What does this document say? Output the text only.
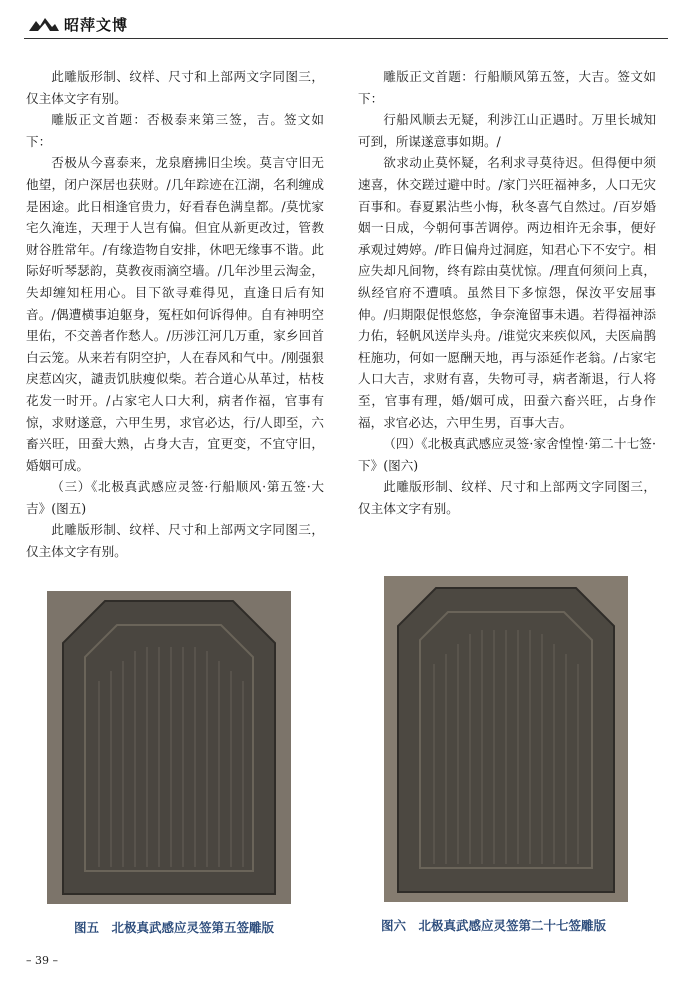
昭萍文博

此雕版形制、纹样、尺寸和上部两文字同图三，仅主体文字有别。

雕版正文首题：否极泰来第三签，吉。签文如下：

否极从今喜泰来，龙泉磨拂旧尘埃。莫言守旧无他望，闭户深居也获财。/几年踪迹在江湖，名利缠成是困途。此日相逢官贵力，好看春色满皇都。/莫忧家宅久淹连，天理于人岂有偏。但宜从新更改过，管教财谷胜常年。/有缘造物自安排，休吧无缘事不谐。此际好听琴瑟韵，莫教夜雨滴空墙。/几年沙里云淘金，失却缠知枉用心。目下欲寻难得见，直逢日后有知音。/偶遭横事迫躯身，冤枉如何诉得伸。自有神明空里佑，不交善者作愁人。/历涉江河几万重，家乡回首白云笼。从来若有阴空护，人在春风和气中。/刚强狠戾惹凶灾，譴责饥肤瘦似柴。若合道心从革过，枯枝花发一时开。/占家宅人口大利，病者作福，官事有惊，求财遂意，六甲生男，求官必达，行/人即至，六畜兴旺，田蚕大熟，占身大吉，宜更变，不宜守旧，婚姻可成。

（三）《北极真武感应灵签·行船顺风·第五签·大吉》(图五)

此雕版形制、纹样、尺寸和上部两文字同图三，仅主体文字有别。

雕版正文首题：行船顺风第五签，大吉。签文如下：

行船风顺去无疑，利涉江山正遇时。万里长城知可到，所谋遂意事如期。/

欲求动止莫怀疑，名利求寻莫待迟。但得便中须速喜，休交蹉过避中时。/家门兴旺福神多，人口无灾百事和。春夏累沾些小悔，秋冬喜气自然过。/百岁婚姻一日成，今朝何事苦调停。两边相许无余事，便好承观过娉婷。/昨日偏舟过洞庭，知君心下不安宁。相应失却凡间物，终有踪由莫忧惊。/理直何须问上真，纵经官府不遭嗔。虽然目下多惊怨，保汝平安屈事伸。/归期限促恨悠悠，争奈淹留事未遇。若得福神添力佑，轻帆风送岸头舟。/谁觉灾来疾似风，夫医扁鹊枉施功，何如一愿酬天地，再与添延作老翁。/占家宅人口大吉，求财有喜，失物可寻，病者渐退，行人将至，官事有理，婚/姻可成，田蚕六畜兴旺，占身作福，求官必达，六甲生男，百事大吉。

（四）《北极真武感应灵签·家舍惶惶·第二十七签·下》(图六)

此雕版形制、纹样、尺寸和上部两文字同图三，仅主体文字有别。

图五　北极真武感应灵签第五签雕版	图六　北极真武感应灵签第二十七签雕版
– 39 –
